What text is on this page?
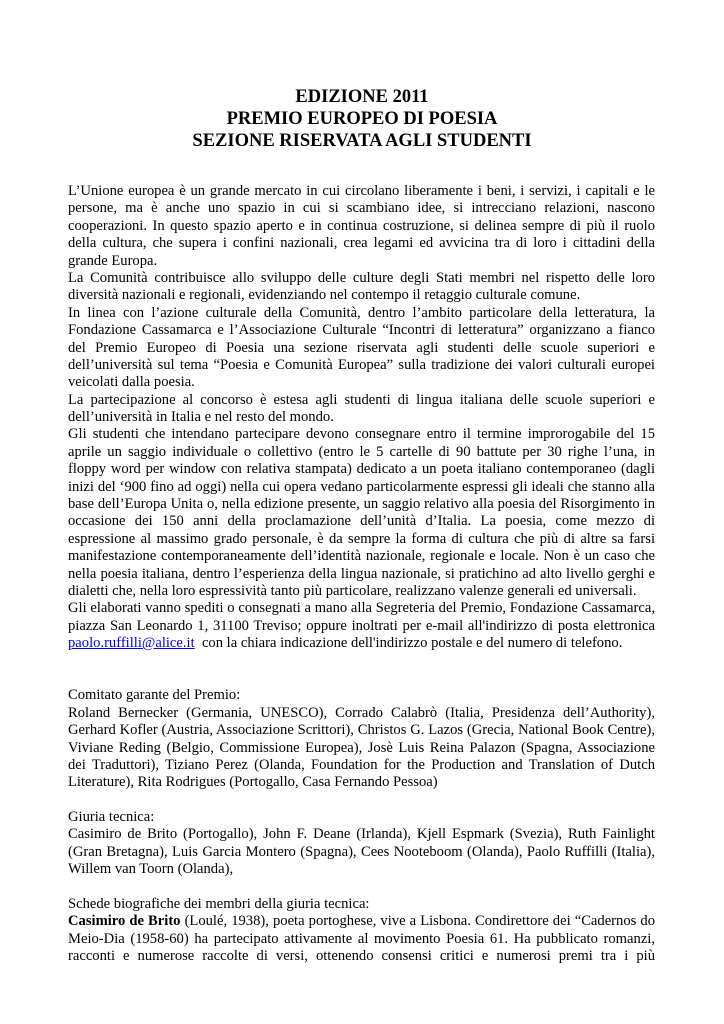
EDIZIONE 2011
PREMIO EUROPEO DI POESIA
SEZIONE RISERVATA AGLI STUDENTI
L’Unione europea è un grande mercato in cui circolano liberamente i beni, i servizi, i capitali e le
persone, ma è anche uno spazio in cui si scambiano idee, si intrecciano relazioni, nascono
cooperazioni. In questo spazio aperto e in continua costruzione, si delinea sempre di più il ruolo
della cultura, che supera i confini nazionali, crea legami ed avvicina tra di loro i cittadini della
grande Europa.
La Comunità contribuisce allo sviluppo delle culture degli Stati membri nel rispetto delle loro
diversità nazionali e regionali, evidenziando nel contempo il retaggio culturale comune.
In linea con l’azione culturale della Comunità, dentro l’ambito particolare della letteratura, la
Fondazione Cassamarca e l’Associazione Culturale “Incontri di letteratura” organizzano a fianco
del Premio Europeo di Poesia una sezione riservata agli studenti delle scuole superiori e
dell’università sul tema “Poesia e Comunità Europea” sulla tradizione dei valori culturali europei
veicolati dalla poesia.
La partecipazione al concorso è estesa agli studenti di lingua italiana delle scuole superiori e
dell’università in Italia e nel resto del mondo.
Gli studenti che intendano partecipare devono consegnare entro il termine improrogabile del 15
aprile un saggio individuale o collettivo (entro le 5 cartelle di 90 battute per 30 righe l’una, in
floppy word per window con relativa stampata) dedicato a un poeta italiano contemporaneo (dagli
inizi del ‘900 fino ad oggi) nella cui opera vedano particolarmente espressi gli ideali che stanno alla
base dell’Europa Unita o, nella edizione presente, un saggio relativo alla poesia del Risorgimento in
occasione dei 150 anni della proclamazione dell’unità d’Italia. La poesia, come mezzo di
espressione al massimo grado personale, è da sempre la forma di cultura che più di altre sa farsi
manifestazione contemporaneamente dell’identità nazionale, regionale e locale. Non è un caso che
nella poesia italiana, dentro l’esperienza della lingua nazionale, si pratichino ad alto livello gerghi e
dialetti che, nella loro espressività tanto più particolare, realizzano valenze generali ed universali.
Gli elaborati vanno spediti o consegnati a mano alla Segreteria del Premio, Fondazione Cassamarca,
piazza San Leonardo 1, 31100 Treviso; oppure inoltrati per e-mail all'indirizzo di posta elettronica
paolo.ruffilli@alice.it  con la chiara indicazione dell'indirizzo postale e del numero di telefono.
Comitato garante del Premio:
Roland Bernecker (Germania, UNESCO), Corrado Calabrò (Italia, Presidenza dell’Authority),
Gerhard Kofler (Austria, Associazione Scrittori), Christos G. Lazos (Grecia, National Book Centre),
Viviane Reding (Belgio, Commissione Europea), Josè Luis Reina Palazon (Spagna, Associazione
dei Traduttori), Tiziano Perez (Olanda, Foundation for the Production and Translation of Dutch
Literature), Rita Rodrigues (Portogallo, Casa Fernando Pessoa)
Giuria tecnica:
Casimiro de Brito (Portogallo), John F. Deane (Irlanda), Kjell Espmark (Svezia), Ruth Fainlight
(Gran Bretagna), Luis Garcia Montero (Spagna), Cees Nooteboom (Olanda), Paolo Ruffilli (Italia),
Willem van Toorn (Olanda),
Schede biografiche dei membri della giuria tecnica:
Casimiro de Brito (Loulé, 1938), poeta portoghese, vive a Lisbona. Condirettore dei “Cadernos do
Meio-Dia (1958-60) ha partecipato attivamente al movimento Poesia 61. Ha pubblicato romanzi,
racconti e numerose raccolte di versi, ottenendo consensi critici e numerosi premi tra i più
